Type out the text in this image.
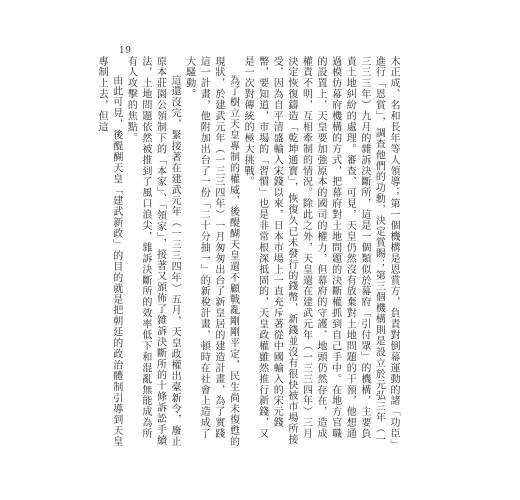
19

木正成、名和長年等人領導；第一個機構是恩賞方，負責對倒幕運動的諸「功臣」進行「恩賞」，調查他們的功勳，決定賞賜；第三個機構則是設立於元弘三年（一三三三年）九月的雜訴決斷所，這是一個類似於幕府「引付眾」的機構，主要負責土地糾紛的處理。審查、可見，天皇仍然沒有放棄對土地問題的干預，他想通過模仿幕府機構的方式，把幕府對土地問題的決斷權抓到自己手中。在地方官職的設置上，天皇要加強原本的國司的權力，但幕府的守護、地頭仍然存在，造成權責不明，互相牽制的情況。除此之外，天皇還在建武元年（一三三四年）三月決定恢復鑄造「乾坤通寶」，恢復久已未發行的錢幣，新錢並沒有很快被市場所接受，因為自平清盛輸入宋錢以來，日本市場上一直充斥著從中國輸入的宋元錢幣，要知道，市場的「習慣」也是非常根深抵固的，天皇政權雖然推行新錢，又是一次對傳統的極大挑戰。

為了樹立天皇專制的權威，後醍醐天皇還不顧戰亂剛剛平定，民生尚未復甦的現狀，於建武元年（一三三四年）一月匆匆出台了新皇居的建造計畫，為了實踐這一計畫，他附加出台了一份「二十分抽一」的新稅計畫，頓時在社會上造成了大騷動。

這還沒完，緊接著在建武元年（一三三四年）五月，天皇政權出臺新令，廢止原本莊園公領制下的「本家」、「領家」，接著又頒佈了雜訴決斷所的十條訴訟手續法，土地問題依然被推到了風口浪尖，雜訴決斷所的效率低下和混亂無能成為所有人攻擊的焦點。

由此可見，後醍醐天皇「建武新政」的目的就是把朝廷的政治體制引導到天皇專制上去，但這
